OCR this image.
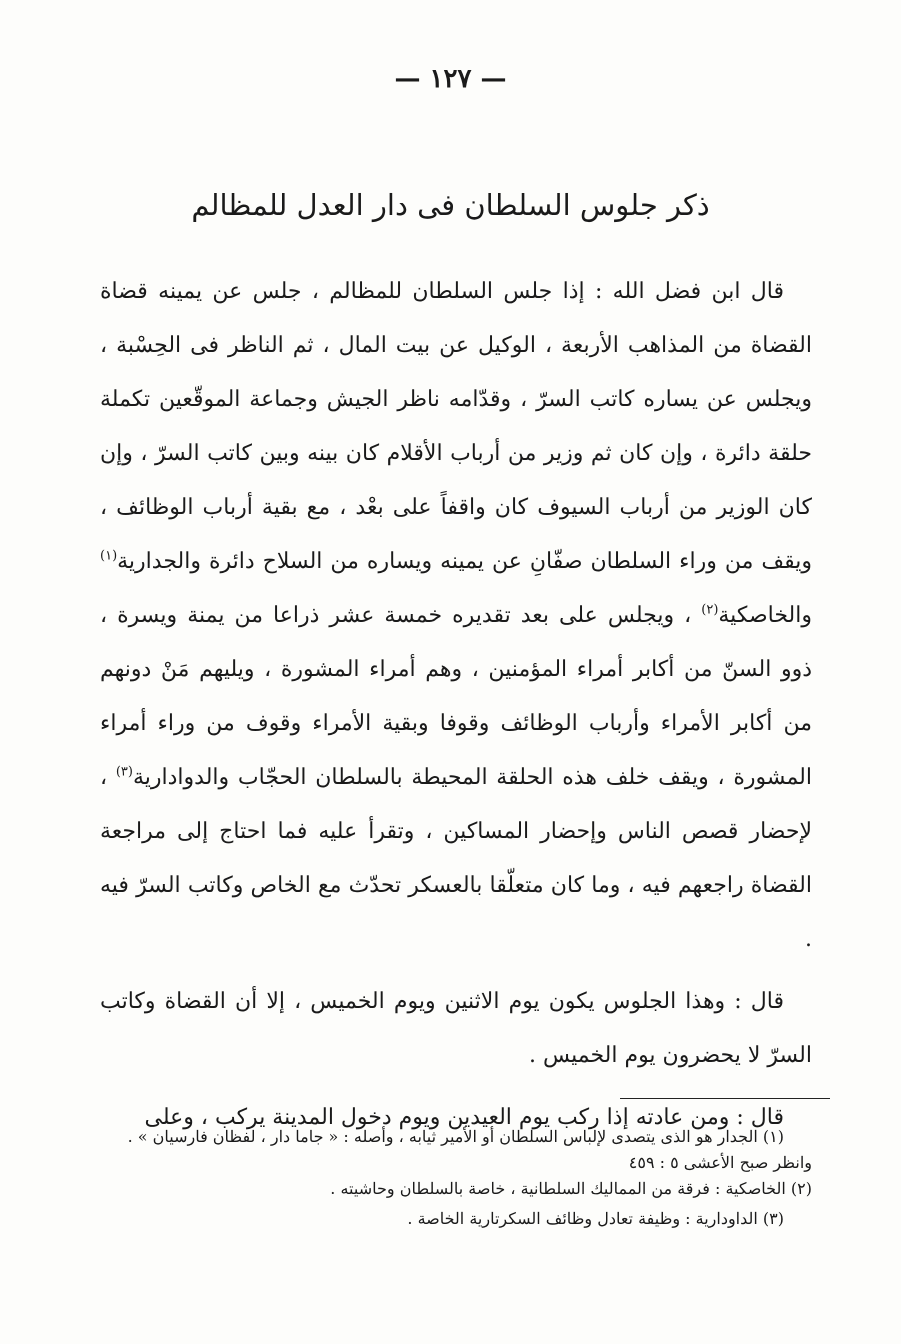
— ١٢٧ —
ذكر جلوس السلطان فى دار العدل للمظالم

قال ابن فضل الله : إذا جلس السلطان للمظالم ، جلس عن يمينه قضاة القضاة من المذاهب الأربعة ، الوكيل عن بيت المال ، ثم الناظر فى الحِسْبة ، ويجلس عن يساره كاتب السرّ ، وقدّامه ناظر الجيش وجماعة الموقّعين تكملة حلقة دائرة ، وإن كان ثم وزير من أرباب الأقلام كان بينه وبين كاتب السرّ ، وإن كان الوزير من أرباب السيوف كان واقفاً على بعْد ، مع بقية أرباب الوظائف ، ويقف من وراء السلطان صفّانِ عن يمينه ويساره من السلاح دائرة والجدارية$^{(١)}$ والخاصكية$^{(٢)}$ ، ويجلس على بعد تقديره خمسة عشر ذراعا من يمنة ويسرة ، ذوو السنّ من أكابر أمراء المؤمنين ، وهم أمراء المشورة ، ويليهم مَنْ دونهم من أكابر الأمراء وأرباب الوظائف وقوفا وبقية الأمراء وقوف من وراء أمراء المشورة ، ويقف خلف هذه الحلقة المحيطة بالسلطان الحجّاب والدوادارية$^{(٣)}$ ، لإحضار قصص الناس وإحضار المساكين ، وتقرأ عليه فما احتاج إلى مراجعة القضاة راجعهم فيه ، وما كان متعلّقا بالعسكر تحدّث مع الخاص وكاتب السرّ فيه .

قال : وهذا الجلوس يكون يوم الاثنين ويوم الخميس ، إلا أن القضاة وكاتب السرّ لا يحضرون يوم الخميس .

قال : ومن عادته إذا ركب يوم العيدين ويوم دخول المدينة يركب ، وعلى

(١) الجدار هو الذى يتصدى لإلباس السلطان أو الأمير ثيابه ، وأصله : « جاما دار ، لفظان فارسيان » .

وانظر صبح الأعشى ٥ : ٤٥٩

(٢) الخاصكية : فرقة من المماليك السلطانية ، خاصة بالسلطان وحاشيته .

(٣) الداودارية : وظيفة تعادل وظائف السكرتارية الخاصة .
